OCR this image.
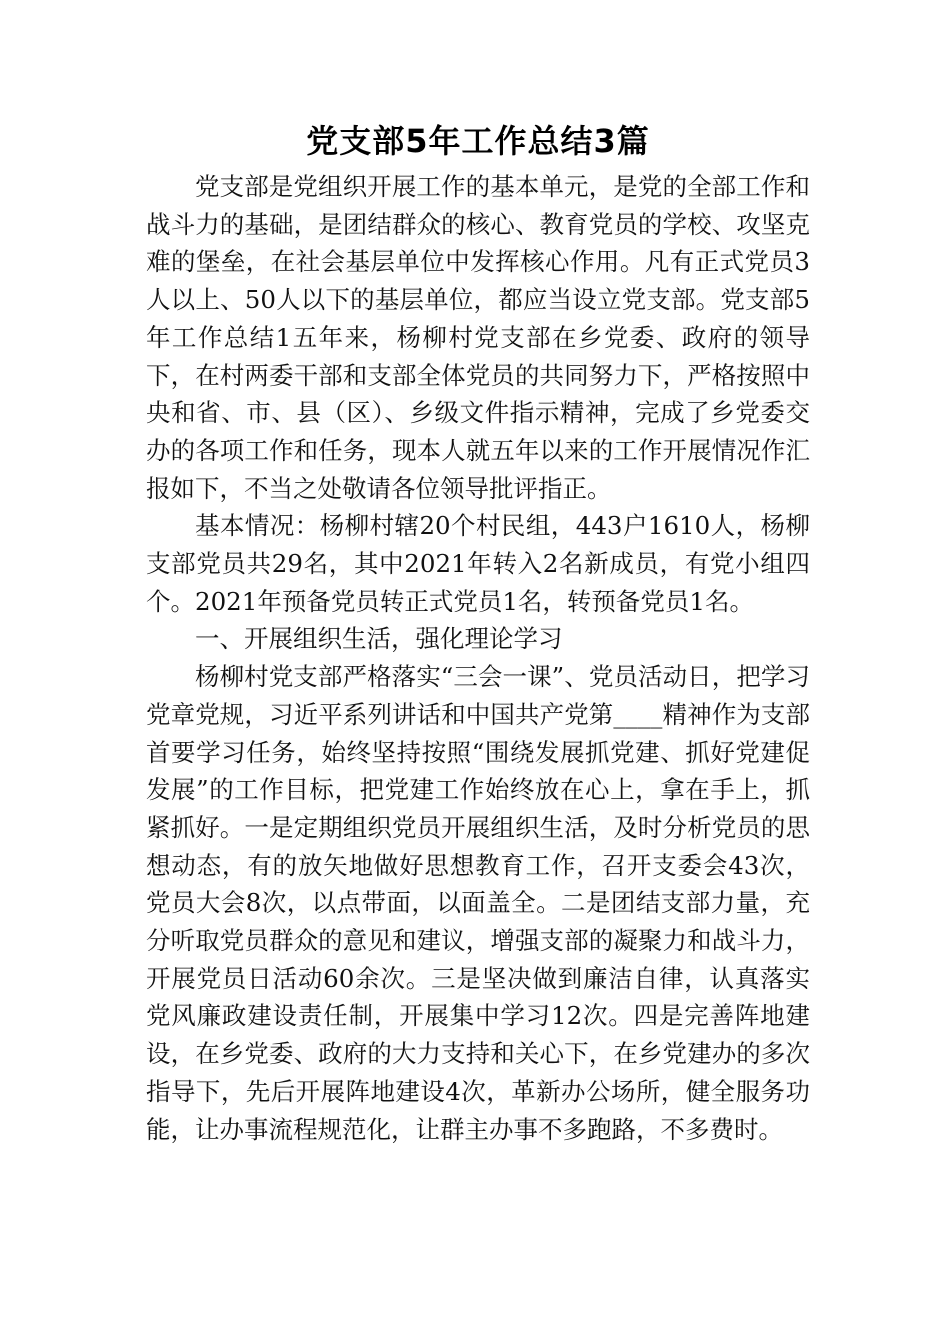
党支部5年工作总结3篇

党支部是党组织开展工作的基本单元，是党的全部工作和战斗力的基础，是团结群众的核心、教育党员的学校、攻坚克难的堡垒，在社会基层单位中发挥核心作用。凡有正式党员3人以上、50人以下的基层单位，都应当设立党支部。党支部5年工作总结1五年来，杨柳村党支部在乡党委、政府的领导下，在村两委干部和支部全体党员的共同努力下，严格按照中央和省、市、县（区）、乡级文件指示精神，完成了乡党委交办的各项工作和任务，现本人就五年以来的工作开展情况作汇报如下，不当之处敬请各位领导批评指正。

基本情况：杨柳村辖20个村民组，443户1610人，杨柳支部党员共29名，其中2021年转入2名新成员，有党小组四个。2021年预备党员转正式党员1名，转预备党员1名。

一、开展组织生活，强化理论学习

杨柳村党支部严格落实“三会一课”、党员活动日，把学习党章党规，习近平系列讲话和中国共产党第____精神作为支部首要学习任务，始终坚持按照“围绕发展抓党建、抓好党建促发展”的工作目标，把党建工作始终放在心上，拿在手上，抓紧抓好。一是定期组织党员开展组织生活，及时分析党员的思想动态，有的放矢地做好思想教育工作，召开支委会43次，党员大会8次，以点带面，以面盖全。二是团结支部力量，充分听取党员群众的意见和建议，增强支部的凝聚力和战斗力，开展党员日活动60余次。三是坚决做到廉洁自律，认真落实党风廉政建设责任制，开展集中学习12次。四是完善阵地建设，在乡党委、政府的大力支持和关心下，在乡党建办的多次指导下，先后开展阵地建设4次，革新办公场所，健全服务功能，让办事流程规范化，让群主办事不多跑路，不多费时。
